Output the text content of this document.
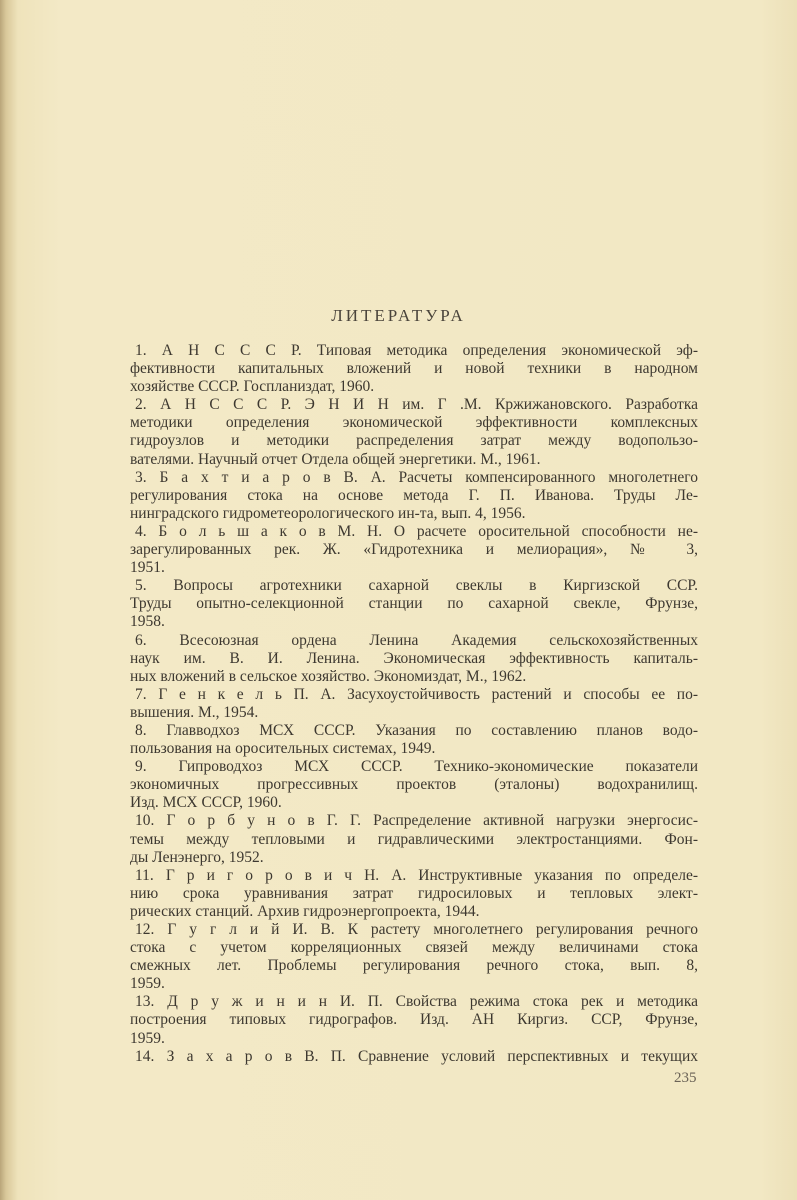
ЛИТЕРАТУРА
1. А Н С С С Р. Типовая методика определения экономической эф-
фективности капитальных вложений и новой техники в народном
хозяйстве СССР. Госпланиздат, 1960.
2. А Н С С С Р. Э Н И Н им. Г .М. Кржижановского. Разработка
методики определения экономической эффективности комплексных
гидроузлов и методики распределения затрат между водопользо-
вателями. Научный отчет Отдела общей энергетики. М., 1961.
3. Б а х т и а р о в В. А. Расчеты компенсированного многолетнего
регулирования стока на основе метода Г. П. Иванова. Труды Ле-
нинградского гидрометеорологического ин-та, вып. 4, 1956.
4. Б о л ь ш а к о в М. Н. О расчете оросительной способности не-
зарегулированных рек. Ж. «Гидротехника и мелиорация», № 3,
1951.
5. Вопросы агротехники сахарной свеклы в Киргизской ССР.
Труды опытно-селекционной станции по сахарной свекле, Фрунзе,
1958.
6. Всесоюзная ордена Ленина Академия сельскохозяйственных
наук им. В. И. Ленина. Экономическая эффективность капиталь-
ных вложений в сельское хозяйство. Экономиздат, М., 1962.
7. Г е н к е л ь П. А. Засухоустойчивость растений и способы ее по-
вышения. М., 1954.
8. Главводхоз МСХ СССР. Указания по составлению планов водо-
пользования на оросительных системах, 1949.
9. Гипроводхоз МСХ СССР. Технико-экономические показатели
экономичных прогрессивных проектов (эталоны) водохранилищ.
Изд. МСХ СССР, 1960.
10. Г о р б у н о в Г. Г. Распределение активной нагрузки энергосис-
темы между тепловыми и гидравлическими электростанциями. Фон-
ды Ленэнерго, 1952.
11. Г р и г о р о в и ч Н. А. Инструктивные указания по определе-
нию срока уравнивания затрат гидросиловых и тепловых элект-
рических станций. Архив гидроэнергопроекта, 1944.
12. Г у г л и й И. В. К растету многолетнего регулирования речного
стока с учетом корреляционных связей между величинами стока
смежных лет. Проблемы регулирования речного стока, вып. 8,
1959.
13. Д р у ж и н и н И. П. Свойства режима стока рек и методика
построения типовых гидрографов. Изд. АН Киргиз. ССР, Фрунзе,
1959.
14. З а х а р о в В. П. Сравнение условий перспективных и текущих
235
